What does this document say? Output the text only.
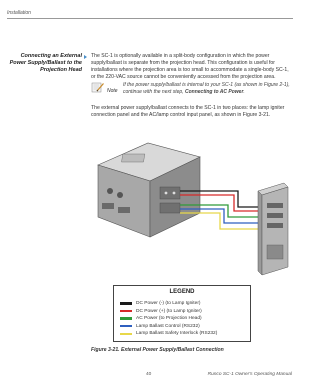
Installation
Connecting an External Power Supply/Ballast to the Projection Head
The SC-1 is optionally available in a split-body configuration in which the power supply/ballast is separate from the projection head. This configuration is useful for installations where the projection area is too small to accommodate a single-body SC-1, or the 220-VAC source cannot be conveniently accessed from the projection area.
Note
If the power supply/ballast is internal to your SC-1 (as shown in Figure 2-1), continue with the next step, Connecting to AC Power.
The external power supply/ballast connects to the SC-1 in two places: the lamp igniter connection panel and the AC/lamp control input panel, as shown in Figure 3-21.
LEGEND
DC Power (-) (to Lamp Igniter)
DC Power (+) (to Lamp Igniter)
AC Power (to Projection Head)
Lamp Ballast Control (RS232)
Lamp Ballast Safety Interlock (RS232)
Figure 3-21. External Power Supply/Ballast Connection
40	Runco SC-1 Owner's Operating Manual
